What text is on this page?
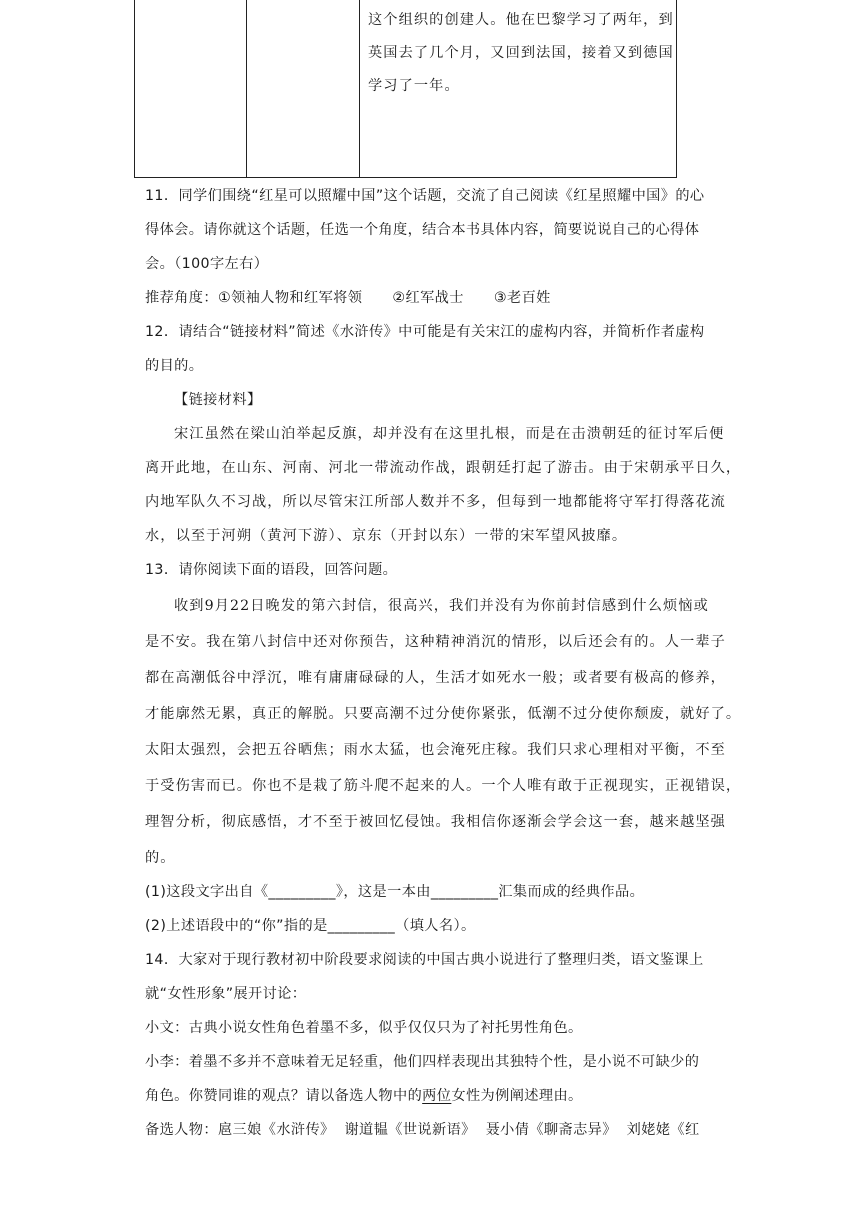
这个组织的创建人。他在巴黎学习了两年，到
英国去了几个月，又回到法国，接着又到德国
学习了一年。
11．同学们围绕“红星可以照耀中国”这个话题，交流了自己阅读《红星照耀中国》的心
得体会。请你就这个话题，任选一个角度，结合本书具体内容，简要说说自己的心得体
会。（100字左右）
推荐角度：①领袖人物和红军将领 ②红军战士 ③老百姓
12．请结合“链接材料”简述《水浒传》中可能是有关宋江的虚构内容，并简析作者虚构
的目的。
【链接材料】
宋江虽然在梁山泊举起反旗，却并没有在这里扎根，而是在击溃朝廷的征讨军后便
离开此地，在山东、河南、河北一带流动作战，跟朝廷打起了游击。由于宋朝承平日久，
内地军队久不习战，所以尽管宋江所部人数并不多，但每到一地都能将守军打得落花流
水，以至于河朔（黄河下游）、京东（开封以东）一带的宋军望风披靡。
13．请你阅读下面的语段，回答问题。
收到9月22日晚发的第六封信，很高兴，我们并没有为你前封信感到什么烦恼或
是不安。我在第八封信中还对你预告，这种精神消沉的情形，以后还会有的。人一辈子
都在高潮低谷中浮沉，唯有庸庸碌碌的人，生活才如死水一般；或者要有极高的修养，
才能廓然无累，真正的解脱。只要高潮不过分使你紧张，低潮不过分使你颓废，就好了。
太阳太强烈，会把五谷晒焦；雨水太猛，也会淹死庄稼。我们只求心理相对平衡，不至
于受伤害而已。你也不是栽了筋斗爬不起来的人。一个人唯有敢于正视现实，正视错误，
理智分析，彻底感悟，才不至于被回忆侵蚀。我相信你逐渐会学会这一套，越来越坚强
的。
(1)这段文字出自《_________》，这是一本由_________汇集而成的经典作品。
(2)上述语段中的“你”指的是_________（填人名）。
14．大家对于现行教材初中阶段要求阅读的中国古典小说进行了整理归类，语文鉴课上
就“女性形象”展开讨论：
小文：古典小说女性角色着墨不多，似乎仅仅只为了衬托男性角色。
小李：着墨不多并不意味着无足轻重，他们四样表现出其独特个性，是小说不可缺少的
角色。你赞同谁的观点？请以备选人物中的两位女性为例阐述理由。
备选人物：扈三娘《水浒传》  谢道韫《世说新语》  聂小倩《聊斋志异》  刘姥姥《红
